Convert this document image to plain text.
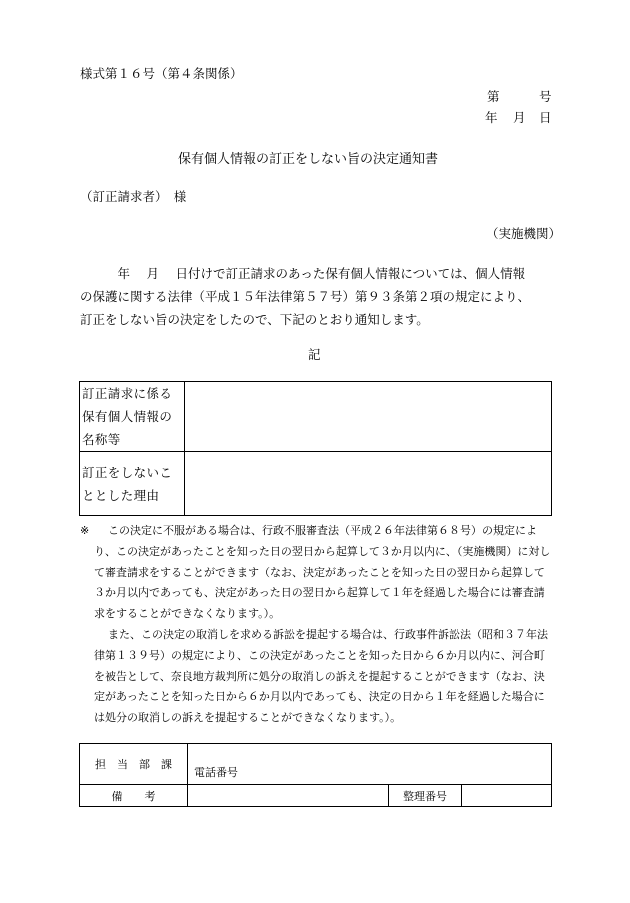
様式第１６号（第４条関係）
第	号
年 月 日
保有個人情報の訂正をしない旨の決定通知書
（訂正請求者）　様
（実施機関）
　　　年　 月　 日付けで訂正請求のあった保有個人情報については、個人情報
の保護に関する法律（平成１５年法律第５７号）第９３条第２項の規定により、
訂正をしない旨の決定をしたので、下記のとおり通知します。
記
訂正請求に係る
保有個人情報の
名称等	

訂正をしないこ
ととした理由	

※	この決定に不服がある場合は、行政不服審査法（平成２６年法律第６８号）の規定により、この決定があったことを知った日の翌日から起算して３か月以内に、（実施機関）に対して審査請求をすることができます（なお、決定があったことを知った日の翌日から起算して３か月以内であっても、決定があった日の翌日から起算して１年を経過した場合には審査請求をすることができなくなります。）。

また、この決定の取消しを求める訴訟を提起する場合は、行政事件訴訟法（昭和３７年法律第１３９号）の規定により、この決定があったことを知った日から６か月以内に、河合町を被告として、奈良地方裁判所に処分の取消しの訴えを提起することができます（なお、決定があったことを知った日から６か月以内であっても、決定の日から１年を経過した場合には処分の取消しの訴えを提起することができなくなります。）。

担　当　部　課	電話番号		
備　　考		整理番号	
